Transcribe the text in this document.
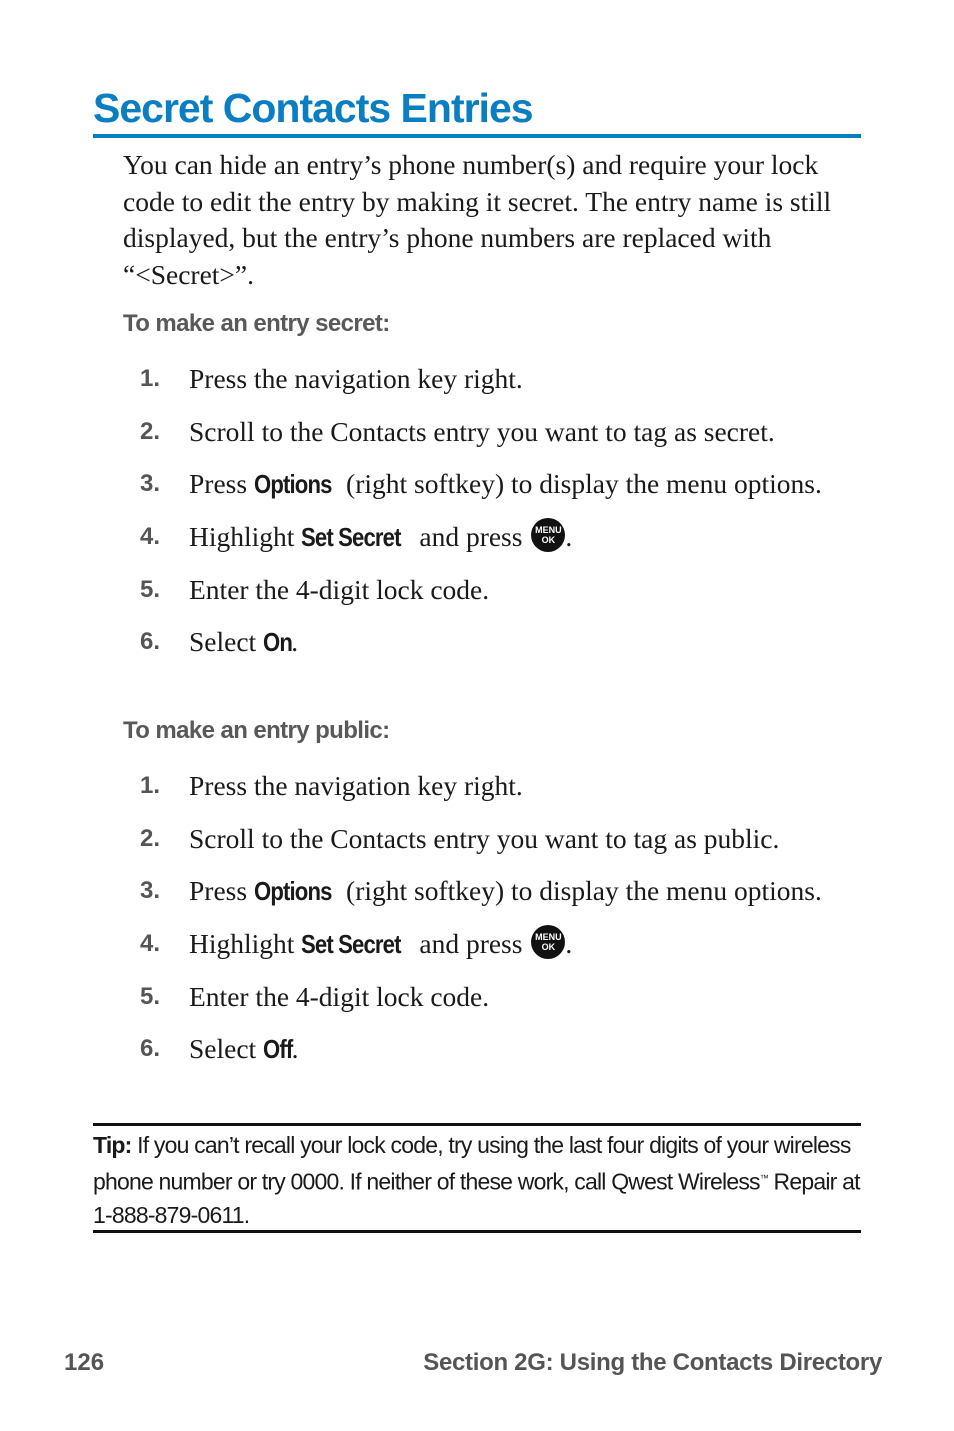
Secret Contacts Entries

You can hide an entry’s phone number(s) and require your lock code to edit the entry by making it secret. The entry name is still displayed, but the entry’s phone numbers are replaced with “<Secret>”.

To make an entry secret:
1. Press the navigation key right.
2. Scroll to the Contacts entry you want to tag as secret.
3. Press Options (right softkey) to display the menu options.
4. Highlight Set Secret and press MENU
OK .
5. Enter the 4-digit lock code.
6. Select On.
To make an entry public:
1. Press the navigation key right.
2. Scroll to the Contacts entry you want to tag as public.
3. Press Options (right softkey) to display the menu options.
4. Highlight Set Secret and press MENU
OK .
5. Enter the 4-digit lock code.
6. Select Off.

Tip: If you can’t recall your lock code, try using the last four digits of your wireless phone number or try 0000. If neither of these work, call Qwest Wireless™ Repair at 1-888-879-0611.

126	Section 2G: Using the Contacts Directory
